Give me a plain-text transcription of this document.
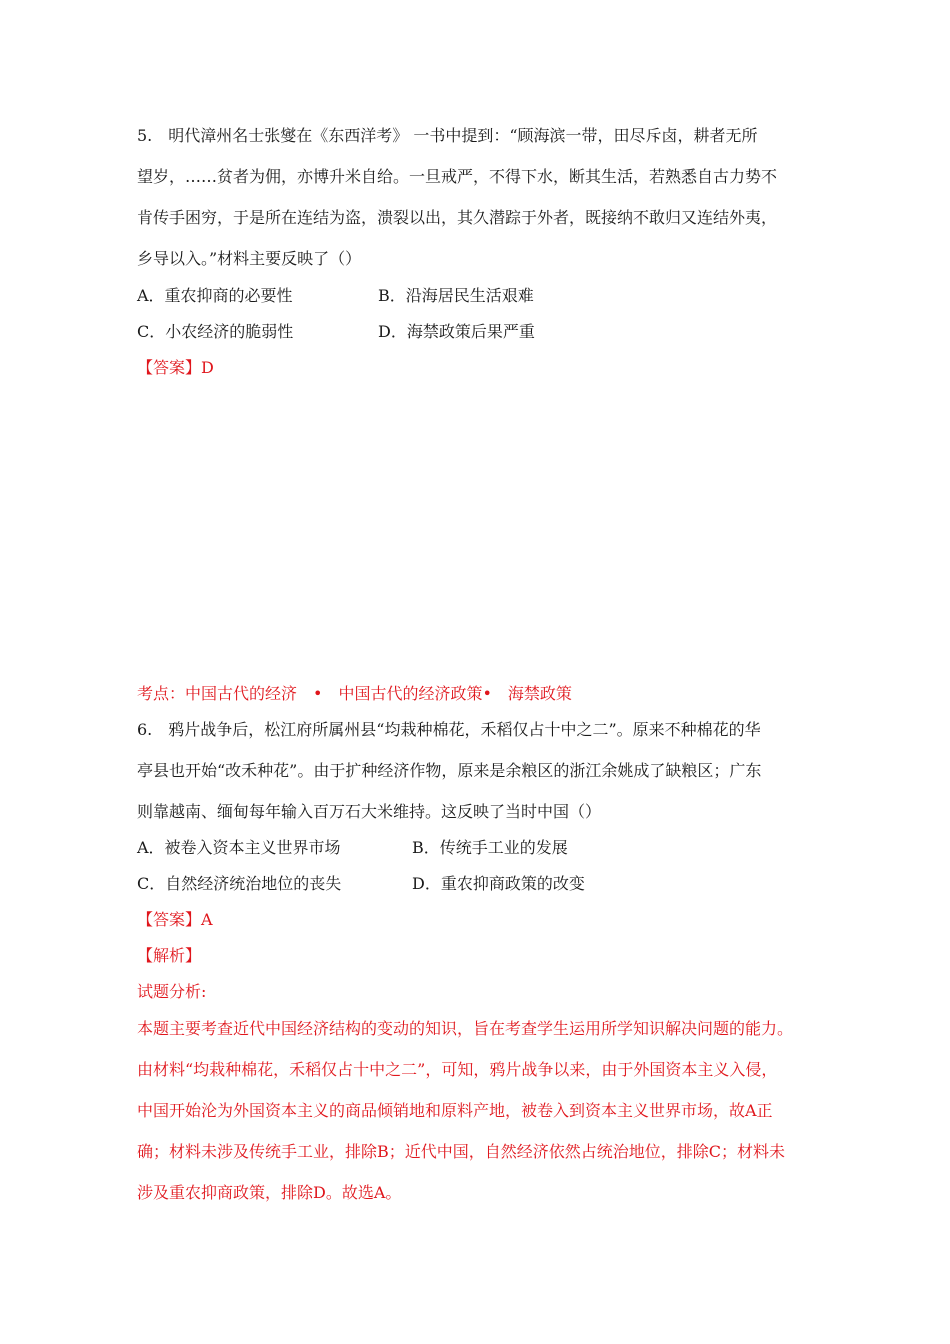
5.　明代漳州名士张燮在《东西洋考》 一书中提到：“顾海滨一带，田尽斥卤，耕者无所
望岁，……贫者为佣，亦博升米自给。一旦戒严，不得下水，断其生活，若熟悉自古力势不
肯传手困穷，于是所在连结为盗，溃裂以出，其久潜踪于外者，既接纳不敢归又连结外夷，
乡导以入。”材料主要反映了（）
A．重农抑商的必要性	B．沿海居民生活艰难
C．小农经济的脆弱性	D．海禁政策后果严重
【答案】D
考点：中国古代的经济　•　中国古代的经济政策•　海禁政策
6.　鸦片战争后，松江府所属州县“均栽种棉花，禾稻仅占十中之二”。原来不种棉花的华
亭县也开始“改禾种花”。由于扩种经济作物，原来是余粮区的浙江余姚成了缺粮区；广东
则靠越南、缅甸每年输入百万石大米维持。这反映了当时中国（）
A．被卷入资本主义世界市场	B．传统手工业的发展
C．自然经济统治地位的丧失	D．重农抑商政策的改变
【答案】A
【解析】
试题分析:
本题主要考查近代中国经济结构的变动的知识，旨在考查学生运用所学知识解决问题的能力。
由材料“均栽种棉花，禾稻仅占十中之二”，可知，鸦片战争以来，由于外国资本主义入侵，
中国开始沦为外国资本主义的商品倾销地和原料产地，被卷入到资本主义世界市场，故A正
确；材料未涉及传统手工业，排除B；近代中国，自然经济依然占统治地位，排除C；材料未
涉及重农抑商政策，排除D。故选A。
